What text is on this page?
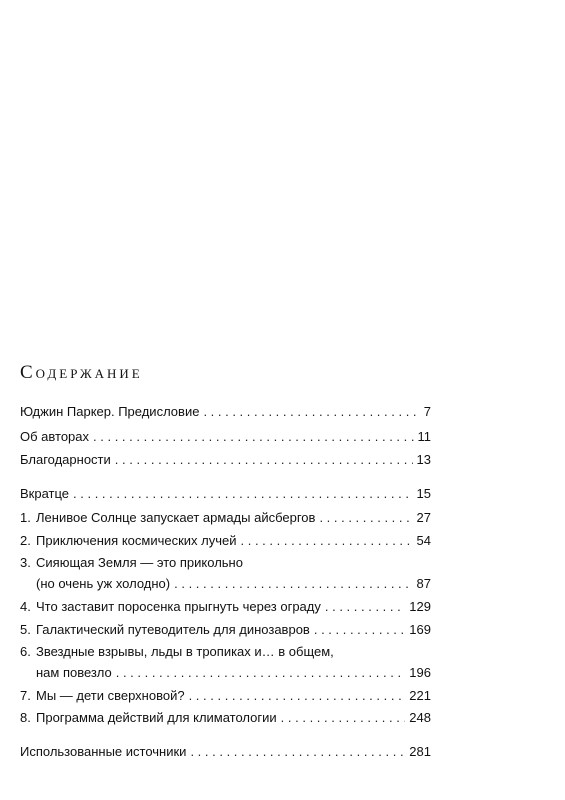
Содержание
Юджин Паркер. Предисловие . . .	7
Об авторах . . .	11
Благодарности . . .	13
Вкратце . . .	15
1. Ленивое Солнце запускает армады айсбергов . . .	27
2. Приключения космических лучей . . .	54
3. Сияющая Земля — это прикольно
(но очень уж холодно) . . .	87
4. Что заставит поросенка прыгнуть через ограду . . .	129
5. Галактический путеводитель для динозавров . . .	169
6. Звездные взрывы, льды в тропиках и… в общем,
нам повезло . . .	196
7. Мы — дети сверхновой? . . .	221
8. Программа действий для климатологии . . .	248
Использованные источники . . .	281
